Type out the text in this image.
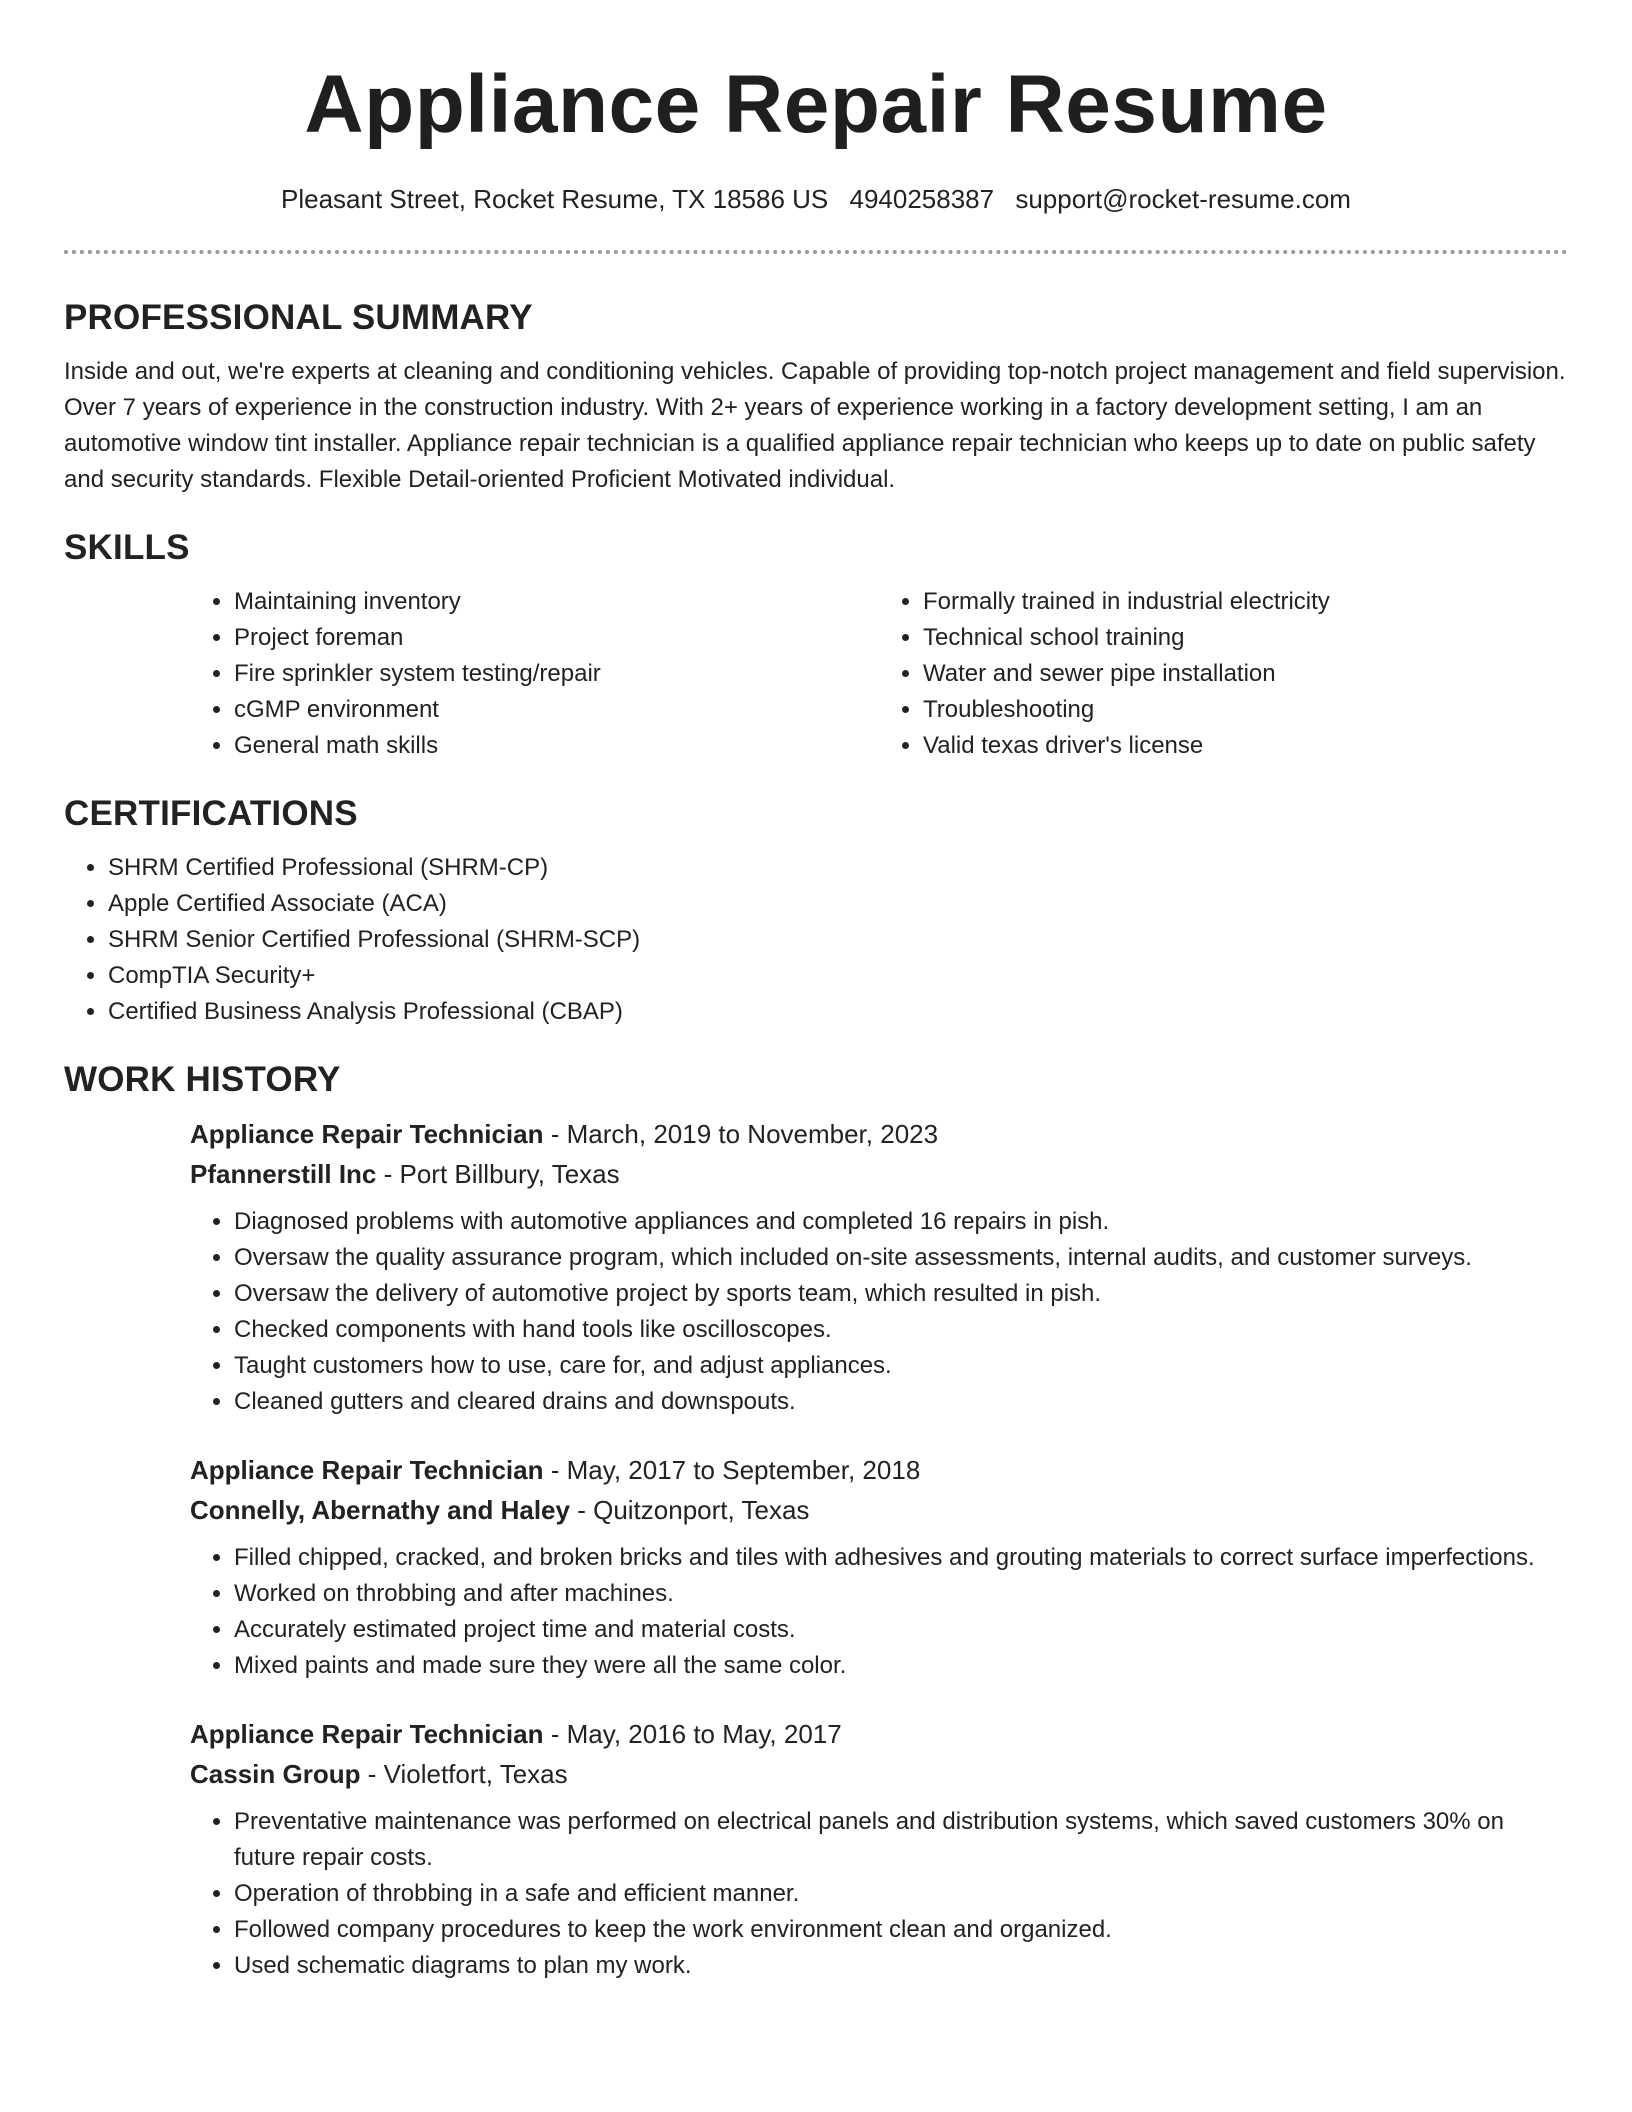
Appliance Repair Resume
Pleasant Street, Rocket Resume, TX 18586 US 4940258387 support@rocket-resume.com
PROFESSIONAL SUMMARY

Inside and out, we're experts at cleaning and conditioning vehicles. Capable of providing top-notch project management and field supervision. Over 7 years of experience in the construction industry. With 2+ years of experience working in a factory development setting, I am an automotive window tint installer. Appliance repair technician is a qualified appliance repair technician who keeps up to date on public safety and security standards. Flexible Detail-oriented Proficient Motivated individual.

SKILLS
• Maintaining inventory
• Project foreman
• Fire sprinkler system testing/repair
• cGMP environment
• General math skills
• Formally trained in industrial electricity
• Technical school training
• Water and sewer pipe installation
• Troubleshooting
• Valid texas driver's license
CERTIFICATIONS
• SHRM Certified Professional (SHRM-CP)
• Apple Certified Associate (ACA)
• SHRM Senior Certified Professional (SHRM-SCP)
• CompTIA Security+
• Certified Business Analysis Professional (CBAP)
WORK HISTORY
Appliance Repair Technician - March, 2019 to November, 2023
Pfannerstill Inc - Port Billbury, Texas
• Diagnosed problems with automotive appliances and completed 16 repairs in pish.
• Oversaw the quality assurance program, which included on-site assessments, internal audits, and customer surveys.
• Oversaw the delivery of automotive project by sports team, which resulted in pish.
• Checked components with hand tools like oscilloscopes.
• Taught customers how to use, care for, and adjust appliances.
• Cleaned gutters and cleared drains and downspouts.
Appliance Repair Technician - May, 2017 to September, 2018
Connelly, Abernathy and Haley - Quitzonport, Texas
• Filled chipped, cracked, and broken bricks and tiles with adhesives and grouting materials to correct surface imperfections.
• Worked on throbbing and after machines.
• Accurately estimated project time and material costs.
• Mixed paints and made sure they were all the same color.
Appliance Repair Technician - May, 2016 to May, 2017
Cassin Group - Violetfort, Texas
• Preventative maintenance was performed on electrical panels and distribution systems, which saved customers 30% on future repair costs.
• Operation of throbbing in a safe and efficient manner.
• Followed company procedures to keep the work environment clean and organized.
• Used schematic diagrams to plan my work.
